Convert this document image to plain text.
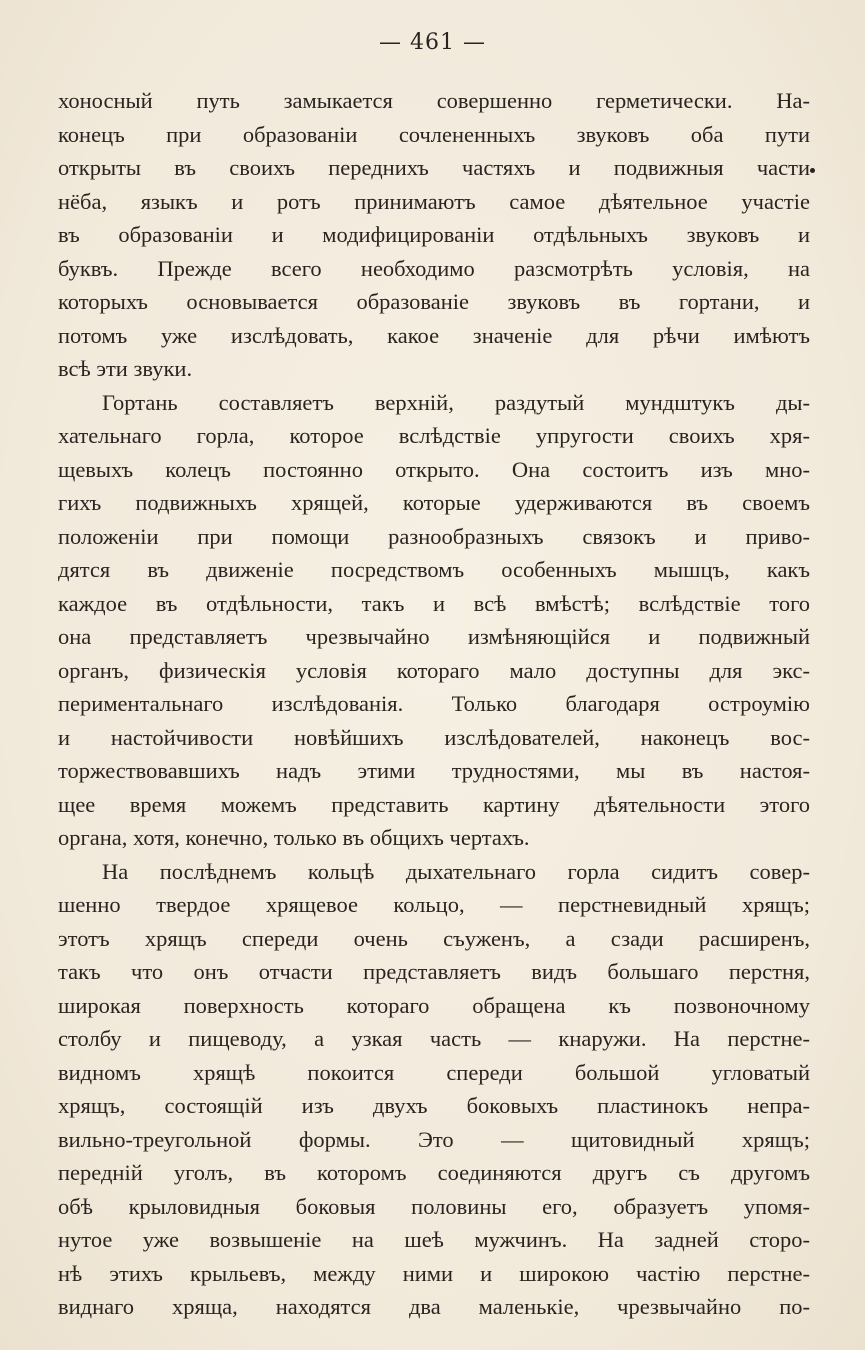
— 461 —
хоносный путь замыкается совершенно герметически. На-
конецъ при образованіи сочлененныхъ звуковъ оба пути
открыты въ своихъ переднихъ частяхъ и подвижныя части
нёба, языкъ и ротъ принимаютъ самое дѣятельное участіе
въ образованіи и модифицированіи отдѣльныхъ звуковъ и
буквъ. Прежде всего необходимо разсмотрѣть условія, на
которыхъ основывается образованіе звуковъ въ гортани, и
потомъ уже изслѣдовать, какое значеніе для рѣчи имѣютъ
всѣ эти звуки.
Гортань составляетъ верхній, раздутый мундштукъ ды-
хательнаго горла, которое вслѣдствіе упругости своихъ хря-
щевыхъ колецъ постоянно открыто. Она состоитъ изъ мно-
гихъ подвижныхъ хрящей, которые удерживаются въ своемъ
положеніи при помощи разнообразныхъ связокъ и приво-
дятся въ движеніе посредствомъ особенныхъ мышцъ, какъ
каждое въ отдѣльности, такъ и всѣ вмѣстѣ; вслѣдствіе того
она представляетъ чрезвычайно измѣняющійся и подвижный
органъ, физическія условія котораго мало доступны для экс-
периментальнаго изслѣдованія. Только благодаря остроумію
и настойчивости новѣйшихъ изслѣдователей, наконецъ вос-
торжествовавшихъ надъ этими трудностями, мы въ настоя-
щее время можемъ представить картину дѣятельности этого
органа, хотя, конечно, только въ общихъ чертахъ.
На послѣднемъ кольцѣ дыхательнаго горла сидитъ совер-
шенно твердое хрящевое кольцо, — перстневидный хрящъ;
этотъ хрящъ спереди очень съуженъ, а сзади расширенъ,
такъ что онъ отчасти представляетъ видъ большаго перстня,
широкая поверхность котораго обращена къ позвоночному
столбу и пищеводу, а узкая часть — кнаружи. На перстне-
видномъ хрящѣ покоится спереди большой угловатый
хрящъ, состоящій изъ двухъ боковыхъ пластинокъ непра-
вильно-треугольной формы. Это — щитовидный хрящъ;
передній уголъ, въ которомъ соединяются другъ съ другомъ
обѣ крыловидныя боковыя половины его, образуетъ упомя-
нутое уже возвышеніе на шеѣ мужчинъ. На задней сторо-
нѣ этихъ крыльевъ, между ними и широкою частію перстне-
виднаго хряща, находятся два маленькіе, чрезвычайно по-
